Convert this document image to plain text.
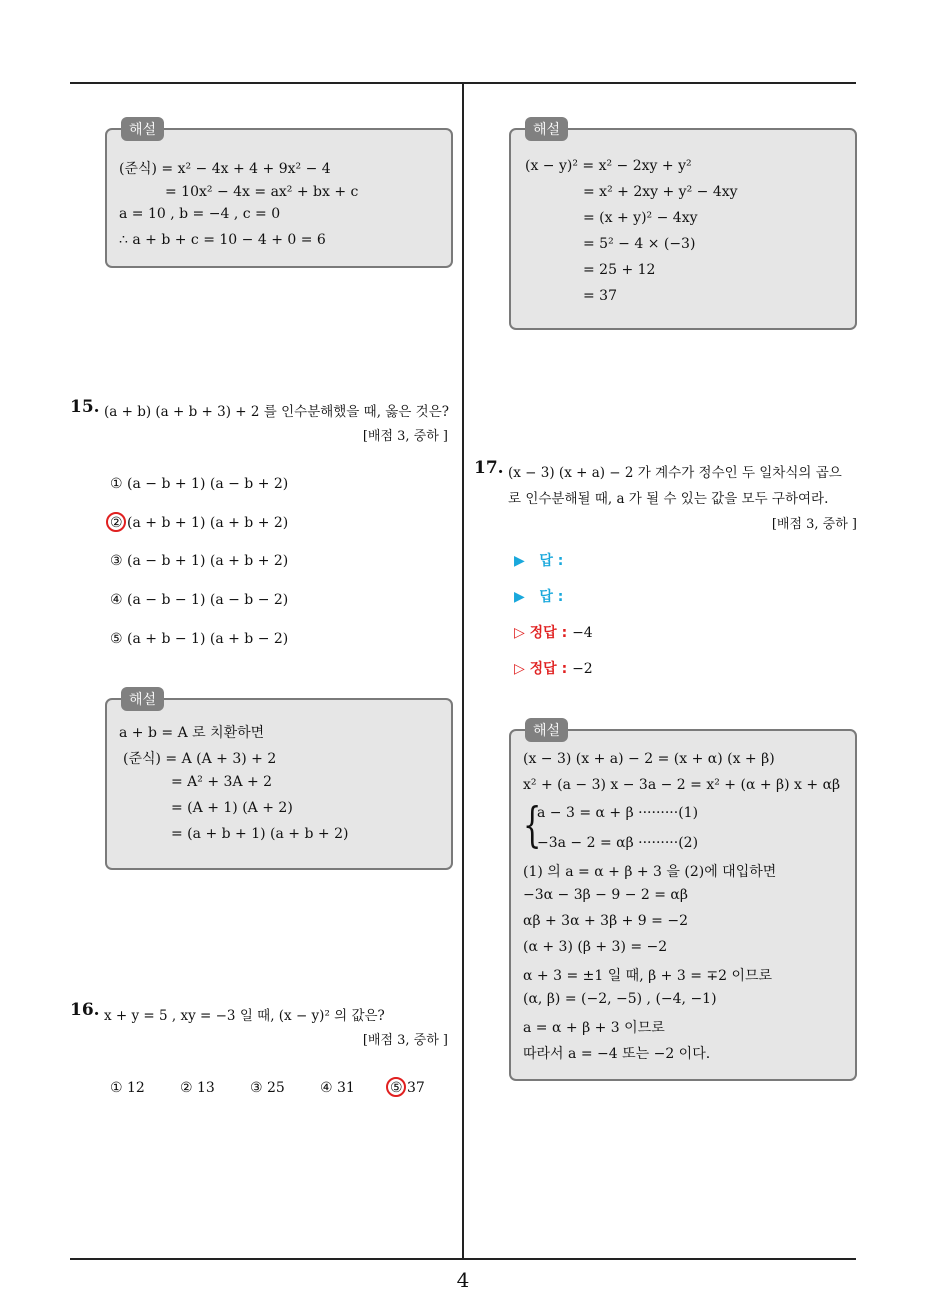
해설
(준식) = x² − 4x + 4 + 9x² − 4
= 10x² − 4x = ax² + bx + c
a = 10 , b = −4 , c = 0
∴ a + b + c = 10 − 4 + 0 = 6
해설
(x − y)² = x² − 2xy + y²
= x² + 2xy + y² − 4xy
= (x + y)² − 4xy
= 5² − 4 × (−3)
= 25 + 12
= 37
15. (a + b) (a + b + 3) + 2 를 인수분해했을 때, 옳은 것은?
[배점 3, 중하 ]
① (a − b + 1) (a − b + 2)
② (a + b + 1) (a + b + 2)
③ (a − b + 1) (a + b + 2)
④ (a − b − 1) (a − b − 2)
⑤ (a + b − 1) (a + b − 2)
해설
a + b = A 로 치환하면
(준식) = A (A + 3) + 2
= A² + 3A + 2
= (A + 1) (A + 2)
= (a + b + 1) (a + b + 2)
16. x + y = 5 , xy = −3 일 때, (x − y)² 의 값은?
[배점 3, 중하 ]
① 12	② 13	③ 25	④ 31	⑤ 37
17. (x − 3) (x + a) − 2 가 계수가 정수인 두 일차식의 곱으
로 인수분해될 때, a 가 될 수 있는 값을 모두 구하여라.
[배점 3, 중하 ]
▶ 답 :
▶ 답 :
▷ 정답 : −4
▷ 정답 : −2
해설
(x − 3) (x + a) − 2 = (x + α) (x + β)
x² + (a − 3) x − 3a − 2 = x² + (α + β) x + αβ
{
a − 3 = α + β ·········(1)
−3a − 2 = αβ ·········(2)
(1) 의 a = α + β + 3 을 (2)에 대입하면
−3α − 3β − 9 − 2 = αβ
αβ + 3α + 3β + 9 = −2
(α + 3) (β + 3) = −2
α + 3 = ±1 일 때, β + 3 = ∓2 이므로
(α, β) = (−2, −5) , (−4, −1)
a = α + β + 3 이므로
따라서 a = −4 또는 −2 이다.
4
